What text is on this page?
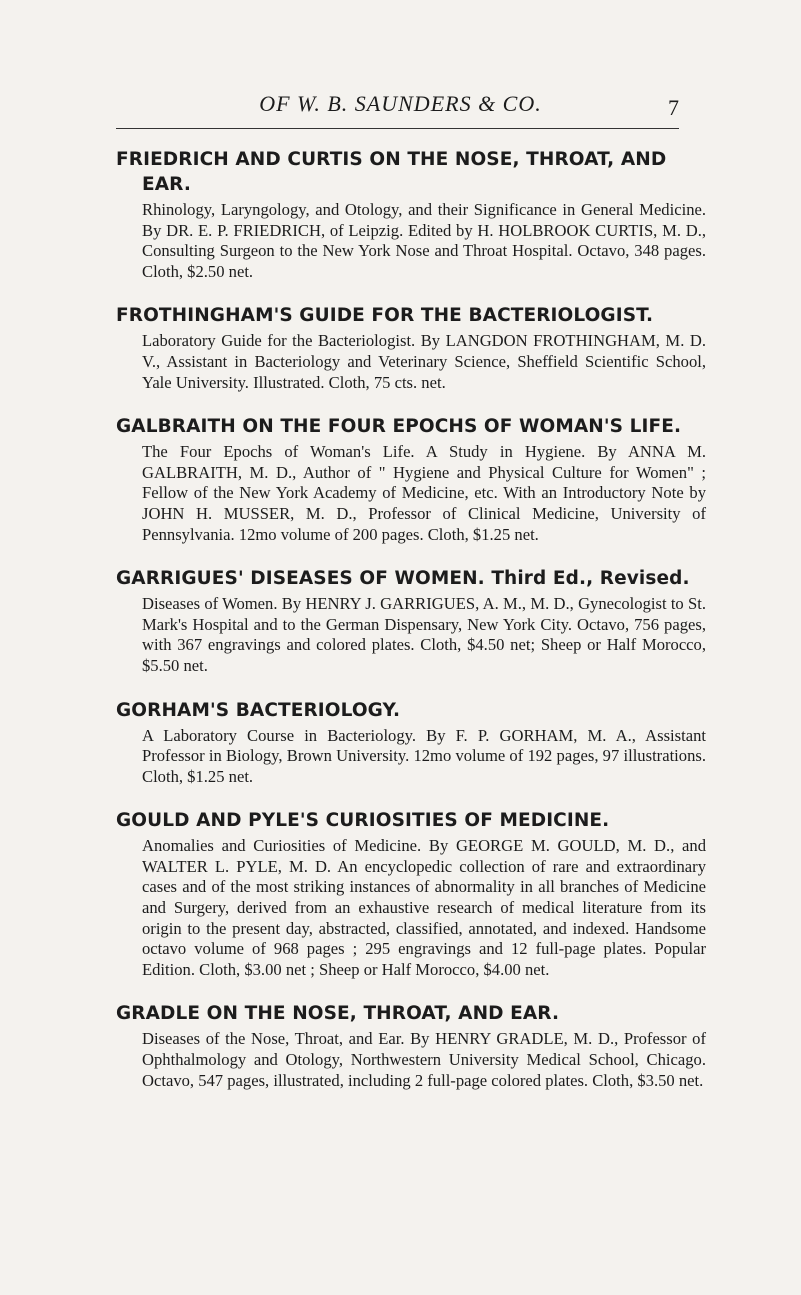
OF W. B. SAUNDERS & CO.	7
FRIEDRICH AND CURTIS ON THE NOSE, THROAT, AND EAR.

Rhinology, Laryngology, and Otology, and their Significance in General Medicine. By DR. E. P. FRIEDRICH, of Leipzig. Edited by H. HOLBROOK CURTIS, M. D., Consulting Surgeon to the New York Nose and Throat Hospital. Octavo, 348 pages. Cloth, $2.50 net.

FROTHINGHAM'S GUIDE FOR THE BACTERIOLOGIST.

Laboratory Guide for the Bacteriologist. By LANGDON FROTHINGHAM, M. D. V., Assistant in Bacteriology and Veterinary Science, Sheffield Scientific School, Yale University. Illustrated. Cloth, 75 cts. net.

GALBRAITH ON THE FOUR EPOCHS OF WOMAN'S LIFE.

The Four Epochs of Woman's Life. A Study in Hygiene. By ANNA M. GALBRAITH, M. D., Author of " Hygiene and Physical Culture for Women" ; Fellow of the New York Academy of Medicine, etc. With an Introductory Note by JOHN H. MUSSER, M. D., Professor of Clinical Medicine, University of Pennsylvania. 12mo volume of 200 pages. Cloth, $1.25 net.

GARRIGUES' DISEASES OF WOMEN. Third Ed., Revised.

Diseases of Women. By HENRY J. GARRIGUES, A. M., M. D., Gynecologist to St. Mark's Hospital and to the German Dispensary, New York City. Octavo, 756 pages, with 367 engravings and colored plates. Cloth, $4.50 net; Sheep or Half Morocco, $5.50 net.

GORHAM'S BACTERIOLOGY.

A Laboratory Course in Bacteriology. By F. P. GORHAM, M. A., Assistant Professor in Biology, Brown University. 12mo volume of 192 pages, 97 illustrations. Cloth, $1.25 net.

GOULD AND PYLE'S CURIOSITIES OF MEDICINE.

Anomalies and Curiosities of Medicine. By GEORGE M. GOULD, M. D., and WALTER L. PYLE, M. D. An encyclopedic collection of rare and extraordinary cases and of the most striking instances of abnormality in all branches of Medicine and Surgery, derived from an exhaustive research of medical literature from its origin to the present day, abstracted, classified, annotated, and indexed. Handsome octavo volume of 968 pages ; 295 engravings and 12 full-page plates. Popular Edition. Cloth, $3.00 net ; Sheep or Half Morocco, $4.00 net.

GRADLE ON THE NOSE, THROAT, AND EAR.

Diseases of the Nose, Throat, and Ear. By HENRY GRADLE, M. D., Professor of Ophthalmology and Otology, Northwestern University Medical School, Chicago. Octavo, 547 pages, illustrated, including 2 full-page colored plates. Cloth, $3.50 net.
